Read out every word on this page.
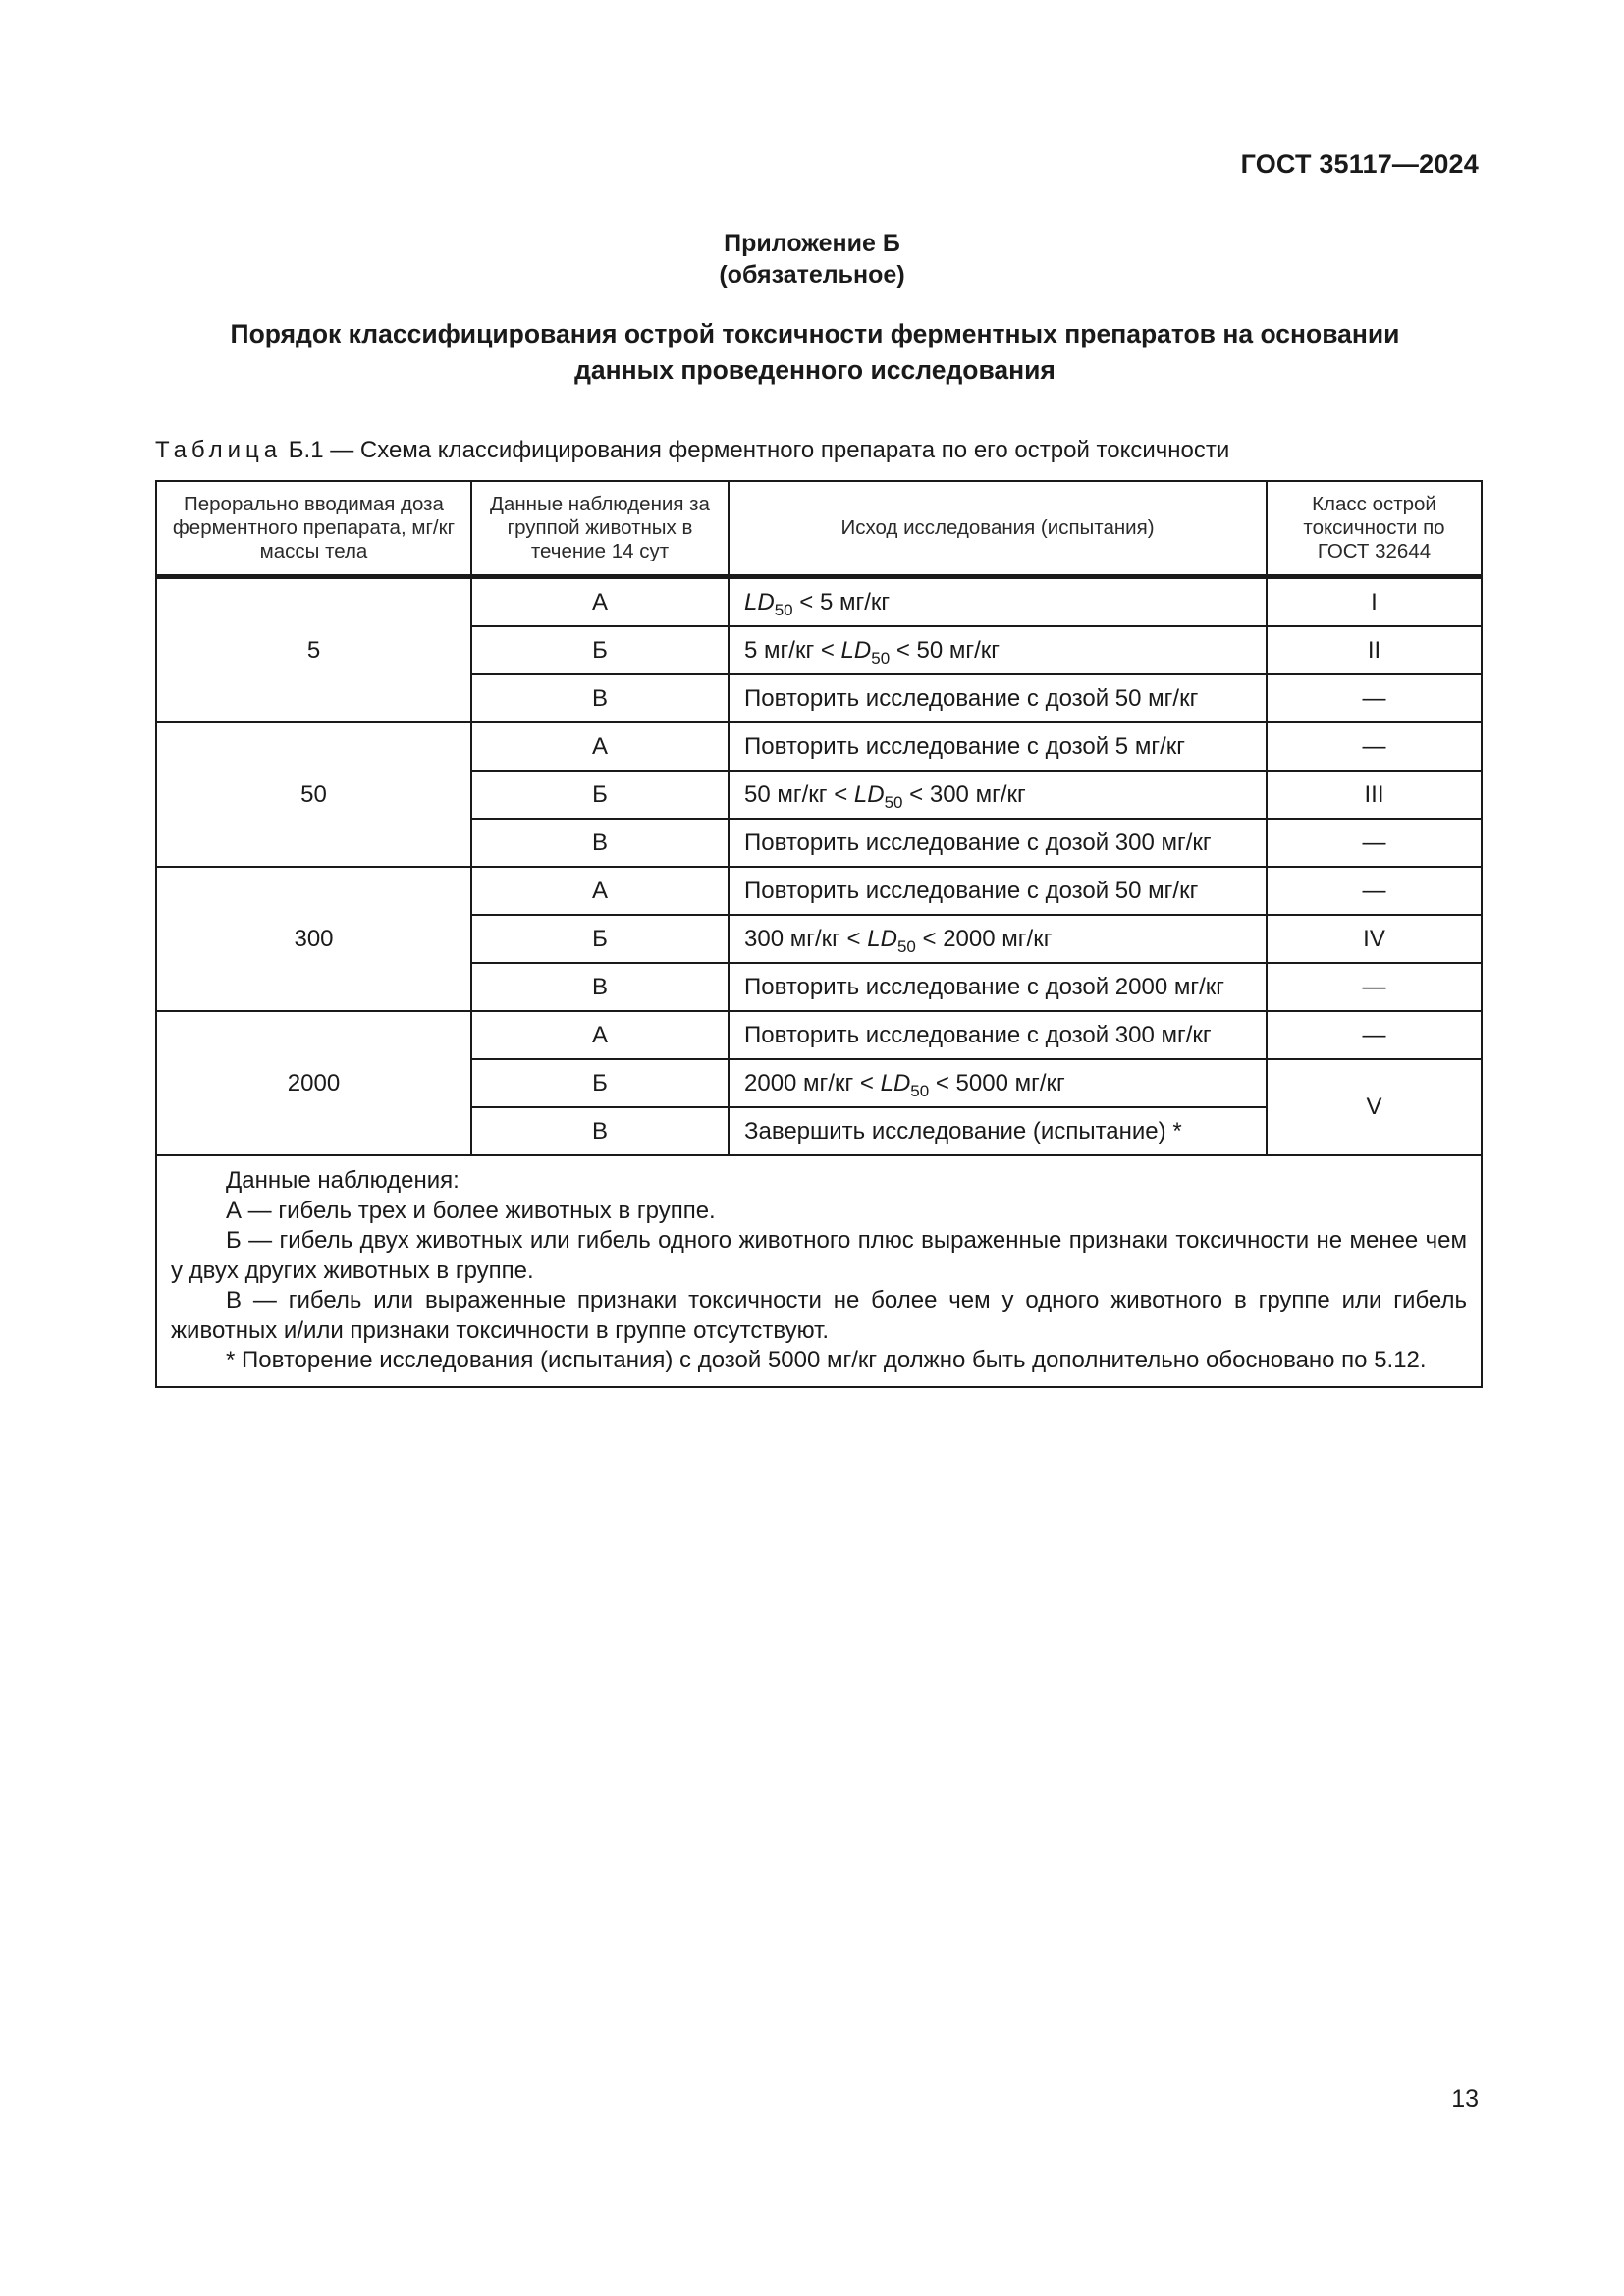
ГОСТ 35117—2024
Приложение Б
(обязательное)
Порядок классифицирования острой токсичности ферментных препаратов на основании данных проведенного исследования
Таблица Б.1 — Схема классифицирования ферментного препарата по его острой токсичности
Перорально вводимая доза ферментного препарата, мг/кг массы тела	Данные наблюдения за группой животных в течение 14 сут	Исход исследования (испытания)	Класс острой токсичности по ГОСТ 32644
5	А	$LD_{50} < 5$ мг/кг	I
	Б	5 $мг/кг < LD_{50} < 50$ мг/кг	II
	В	Повторить исследование с дозой 50 мг/кг	—
50	А	Повторить исследование с дозой 5 мг/кг	—
	Б	50 $мг/кг < LD_{50} < 300$ мг/кг	III
	В	Повторить исследование с дозой 300 мг/кг	—
300	А	Повторить исследование с дозой 50 мг/кг	—
	Б	300 $мг/кг < LD_{50} < 2000$ мг/кг	IV
	В	Повторить исследование с дозой 2000 мг/кг	—
2000	А	Повторить исследование с дозой 300 мг/кг	—
	Б	2000 $мг/кг < LD_{50} < 5000$ мг/кг	V
	В	Завершить исследование (испытание) *	

Данные наблюдения:

А — гибель трех и более животных в группе.

Б — гибель двух животных или гибель одного животного плюс выраженные признаки токсичности не менее чем у двух других животных в группе.

В — гибель или выраженные признаки токсичности не более чем у одного животного в группе или гибель животных и/или признаки токсичности в группе отсутствуют.

* Повторение исследования (испытания) с дозой 5000 мг/кг должно быть дополнительно обосновано по 5.12.			

13
